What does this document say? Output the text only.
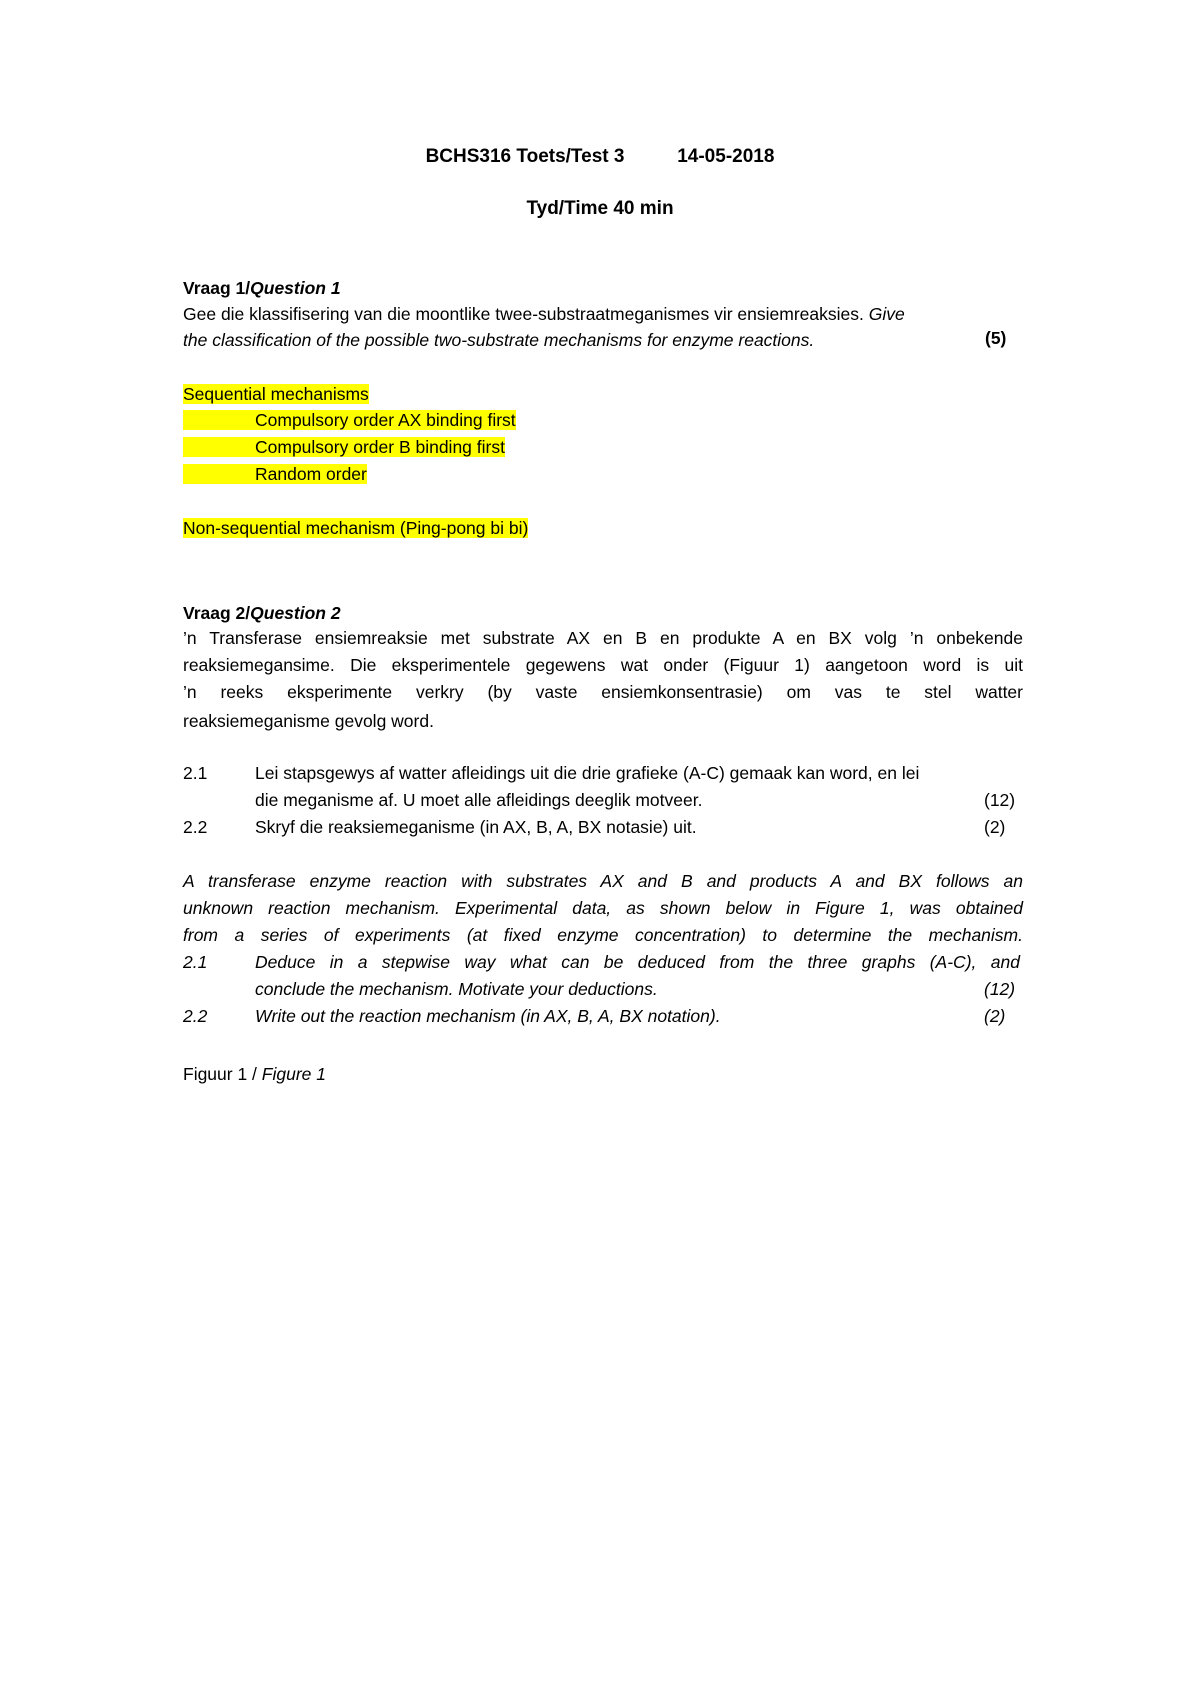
BCHS316 Toets/Test 3          14-05-2018
Tyd/Time 40 min
Vraag 1/Question 1
Gee die klassifisering van die moontlike twee-substraatmeganismes vir ensiemreaksies. Give
the classification of the possible two-substrate mechanisms for enzyme reactions.	(5)
Sequential mechanisms
Compulsory order AX binding first
Compulsory order B binding first
Random order
Non-sequential mechanism (Ping-pong bi bi)
Vraag 2/Question 2
’n Transferase ensiemreaksie met substrate AX en B en produkte A en BX volg ’n onbekende
reaksiemegansime. Die eksperimentele gegewens wat onder (Figuur 1) aangetoon word is uit
’n reeks eksperimente verkry (by vaste ensiemkonsentrasie) om vas te stel watter
reaksiemeganisme gevolg word.
2.1	Lei stapsgewys af watter afleidings uit die drie grafieke (A-C) gemaak kan word, en lei
die meganisme af. U moet alle afleidings deeglik motveer.	(12)
2.2	Skryf die reaksiemeganisme (in AX, B, A, BX notasie) uit.	(2)
A transferase enzyme reaction with substrates AX and B and products A and BX follows an
unknown reaction mechanism. Experimental data, as shown below in Figure 1, was obtained
from a series of experiments (at fixed enzyme concentration) to determine the mechanism.
2.1	Deduce in a stepwise way what can be deduced from the three graphs (A-C), and
conclude the mechanism. Motivate your deductions.	(12)
2.2	Write out the reaction mechanism (in AX, B, A, BX notation).	(2)
Figuur 1 / Figure 1
